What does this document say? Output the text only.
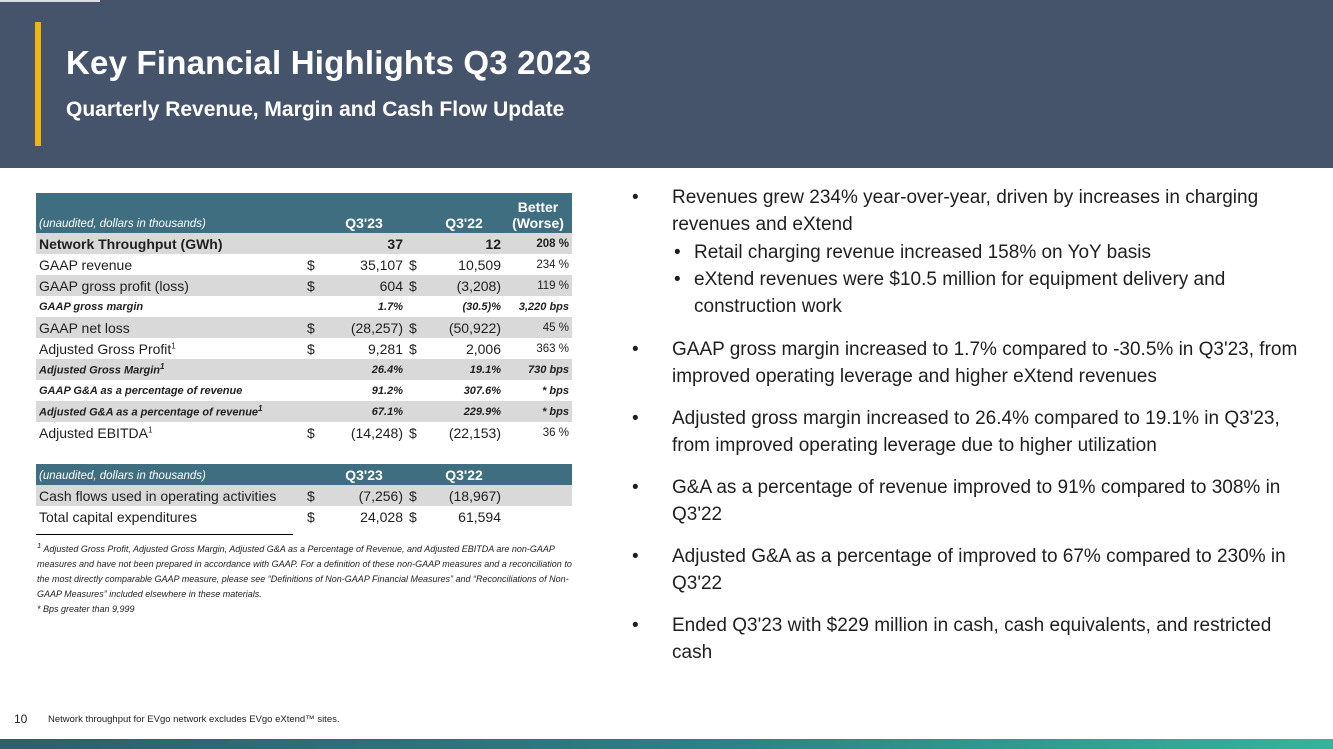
Key Financial Highlights Q3 2023
Quarterly Revenue, Margin and Cash Flow Update
(unaudited, dollars in thousands)		Q3'23		Q3'22	Better
(Worse)

Network Throughput (GWh)		37		12	208 %
GAAP revenue	$	35,107	$	10,509	234 %
GAAP gross profit (loss)	$	604	$	(3,208)	119 %
GAAP gross margin		1.7%		(30.5)%	3,220 bps
GAAP net loss	$	(28,257)	$	(50,922)	45 %
Adjusted Gross Profit$^1$	$	9,281	$	2,006	363 %
Adjusted Gross Margin$^1$		26.4%		19.1%	730 bps
GAAP G&A as a percentage of revenue		91.2%		307.6%	* bps
Adjusted G&A as a percentage of revenue$^1$		67.1%		229.9%	* bps
Adjusted EBITDA$^1$	$	(14,248)	$	(22,153)	36 %
(unaudited, dollars in thousands)		Q3'23		Q3'22	
Cash flows used in operating activities	$	(7,256)	$	(18,967)	
Total capital expenditures	$	24,028	$	61,594	
$^1$ Adjusted Gross Profit, Adjusted Gross Margin, Adjusted G&A as a Percentage of Revenue, and Adjusted EBITDA are non-GAAP measures and have not been prepared in accordance with GAAP. For a definition of these non-GAAP measures and a reconciliation to the most directly comparable GAAP measure, please see “Definitions of Non-GAAP Financial Measures” and “Reconciliations of Non-GAAP Measures” included elsewhere in these materials.
* Bps greater than 9,999
10 Network throughput for EVgo network excludes EVgo eXtend™ sites.
• Revenues grew 234% year-over-year, driven by increases in charging revenues and eXtend
• Retail charging revenue increased 158% on YoY basis
• eXtend revenues were $10.5 million for equipment delivery and construction work
• GAAP gross margin increased to 1.7% compared to -30.5% in Q3'23, from improved operating leverage and higher eXtend revenues
• Adjusted gross margin increased to 26.4% compared to 19.1% in Q3'23, from improved operating leverage due to higher utilization
• G&A as a percentage of revenue improved to 91% compared to 308% in Q3'22
• Adjusted G&A as a percentage of improved to 67% compared to 230% in Q3'22
• Ended Q3'23 with $229 million in cash, cash equivalents, and restricted cash
